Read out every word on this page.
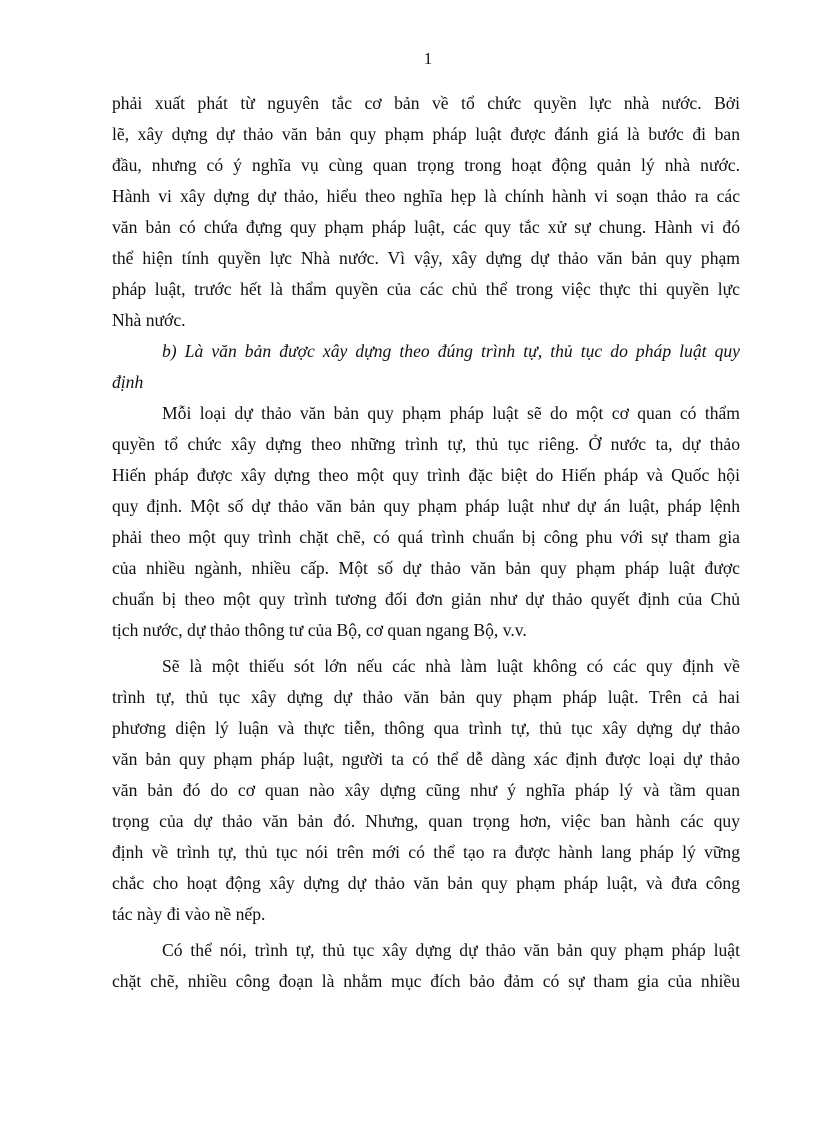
1
phải xuất phát từ nguyên tắc cơ bản về tổ chức quyền lực nhà nước. Bởi
lẽ, xây dựng dự thảo văn bản quy phạm pháp luật được đánh giá là bước đi ban
đầu, nhưng có ý nghĩa vụ cùng quan trọng trong hoạt động quản lý nhà nước.
Hành vi xây dựng dự thảo, hiểu theo nghĩa hẹp là chính hành vi soạn thảo ra các
văn bản có chứa đựng quy phạm pháp luật, các quy tắc xử sự chung. Hành vi đó
thể hiện tính quyền lực Nhà nước. Vì vậy, xây dựng dự thảo văn bản quy phạm
pháp luật, trước hết là thẩm quyền của các chủ thể trong việc thực thi quyền lực
Nhà nước.
b) Là văn bản được xây dựng theo đúng trình tự, thủ tục do pháp luật quy
định
Mỗi loại dự thảo văn bản quy phạm pháp luật sẽ do một cơ quan có thẩm
quyền tổ chức xây dựng theo những trình tự, thủ tục riêng. Ở nước ta, dự thảo
Hiến pháp được xây dựng theo một quy trình đặc biệt do Hiến pháp và Quốc hội
quy định. Một số dự thảo văn bản quy phạm pháp luật như dự án luật, pháp lệnh
phải theo một quy trình chặt chẽ, có quá trình chuẩn bị công phu với sự tham gia
của nhiều ngành, nhiều cấp. Một số dự thảo văn bản quy phạm pháp luật được
chuẩn bị theo một quy trình tương đối đơn giản như dự thảo quyết định của Chủ
tịch nước, dự thảo thông tư của Bộ, cơ quan ngang Bộ, v.v.
Sẽ là một thiếu sót lớn nếu các nhà làm luật không có các quy định về
trình tự, thủ tục xây dựng dự thảo văn bản quy phạm pháp luật. Trên cả hai
phương diện lý luận và thực tiễn, thông qua trình tự, thủ tục xây dựng dự thảo
văn bản quy phạm pháp luật, người ta có thể dễ dàng xác định được loại dự thảo
văn bản đó do cơ quan nào xây dựng cũng như ý nghĩa pháp lý và tầm quan
trọng của dự thảo văn bản đó. Nhưng, quan trọng hơn, việc ban hành các quy
định về trình tự, thủ tục nói trên mới có thể tạo ra được hành lang pháp lý vững
chắc cho hoạt động xây dựng dự thảo văn bản quy phạm pháp luật, và đưa công
tác này đi vào nề nếp.
Có thể nói, trình tự, thủ tục xây dựng dự thảo văn bản quy phạm pháp luật
chặt chẽ, nhiều công đoạn là nhằm mục đích bảo đảm có sự tham gia của nhiều
